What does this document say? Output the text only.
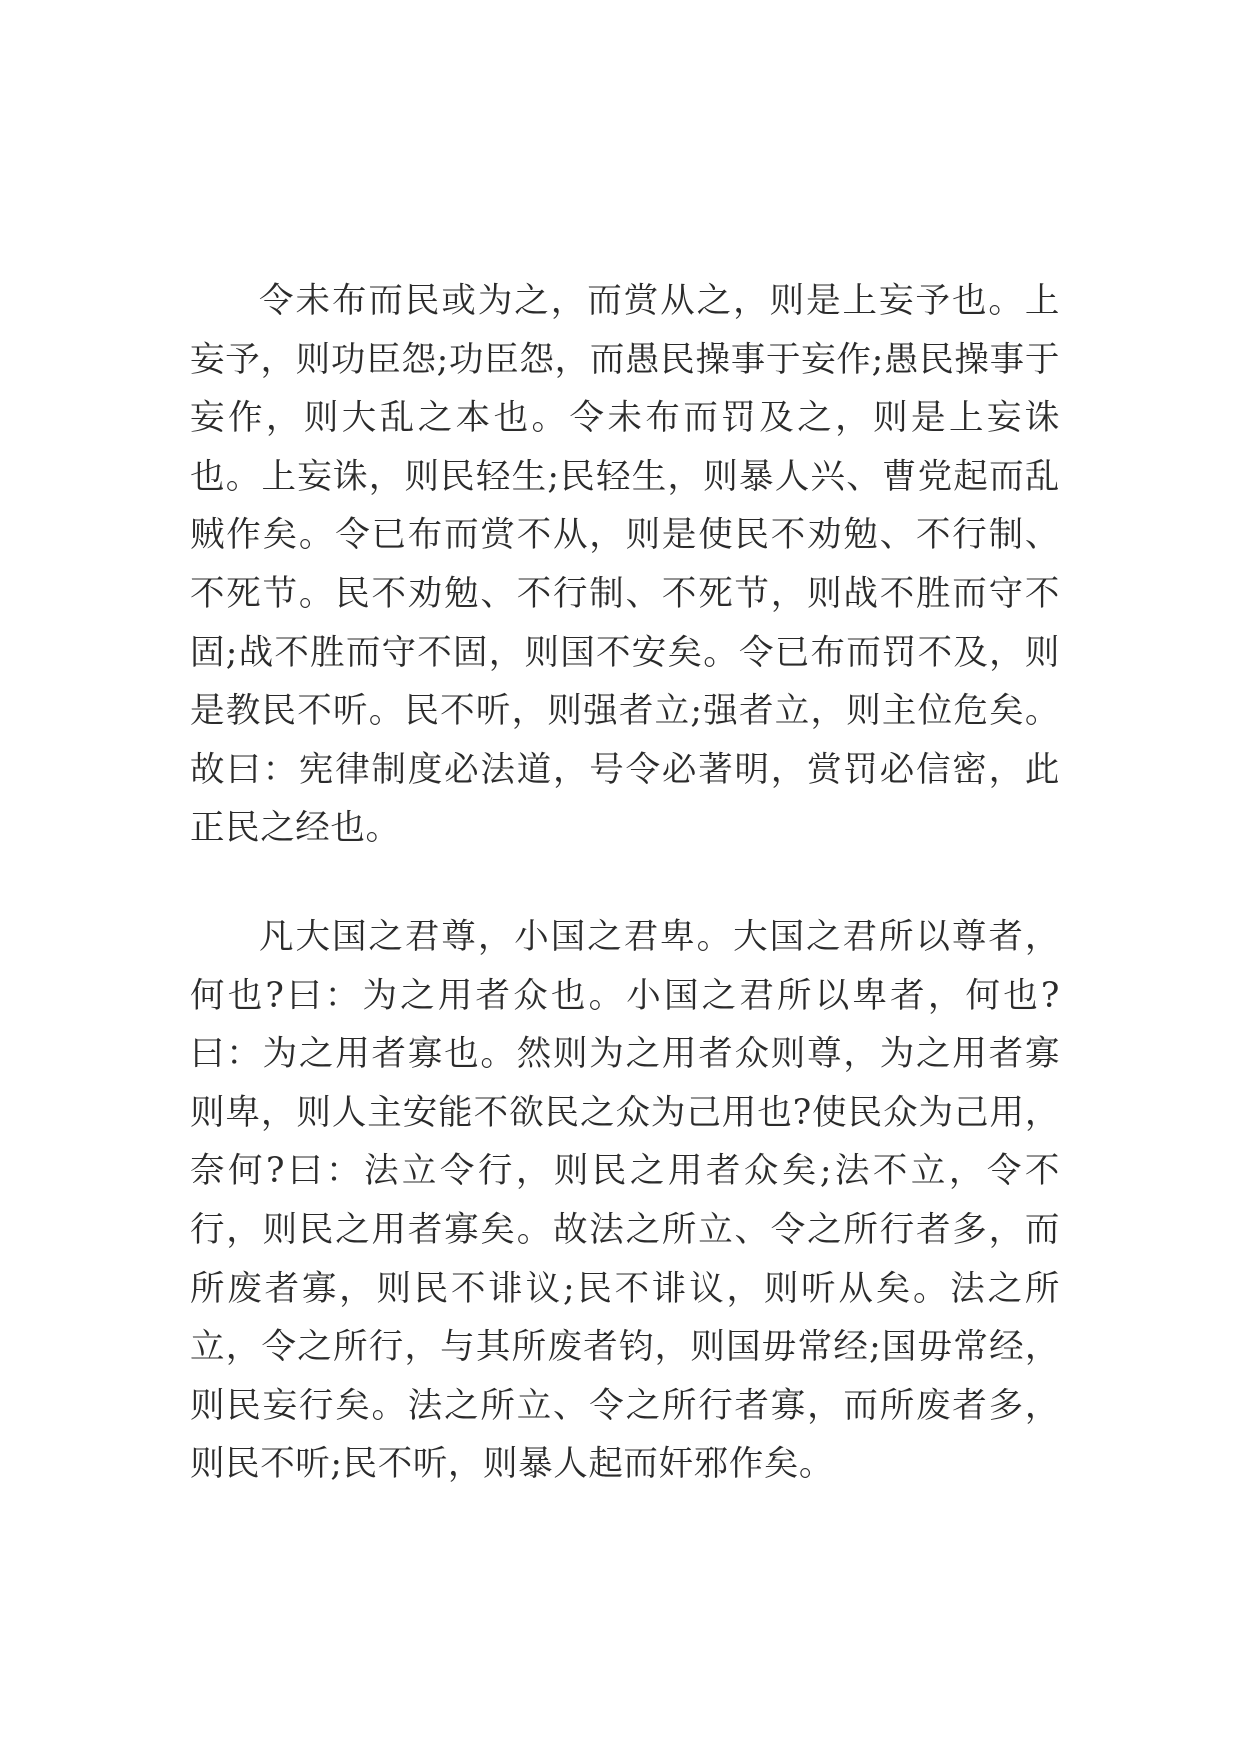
令未布而民或为之，而赏从之，则是上妄予也。上妄予，则功臣怨;功臣怨，而愚民操事于妄作;愚民操事于妄作，则大乱之本也。令未布而罚及之，则是上妄诛也。上妄诛，则民轻生;民轻生，则暴人兴、曹党起而乱贼作矣。令已布而赏不从，则是使民不劝勉、不行制、不死节。民不劝勉、不行制、不死节，则战不胜而守不固;战不胜而守不固，则国不安矣。令已布而罚不及，则是教民不听。民不听，则强者立;强者立，则主位危矣。故曰：宪律制度必法道，号令必著明，赏罚必信密，此正民之经也。

凡大国之君尊，小国之君卑。大国之君所以尊者，何也?曰：为之用者众也。小国之君所以卑者，何也?曰：为之用者寡也。然则为之用者众则尊，为之用者寡则卑，则人主安能不欲民之众为己用也?使民众为己用，奈何?曰：法立令行，则民之用者众矣;法不立，令不行，则民之用者寡矣。故法之所立、令之所行者多，而所废者寡，则民不诽议;民不诽议，则听从矣。法之所立，令之所行，与其所废者钧，则国毋常经;国毋常经，则民妄行矣。法之所立、令之所行者寡，而所废者多，则民不听;民不听，则暴人起而奸邪作矣。
